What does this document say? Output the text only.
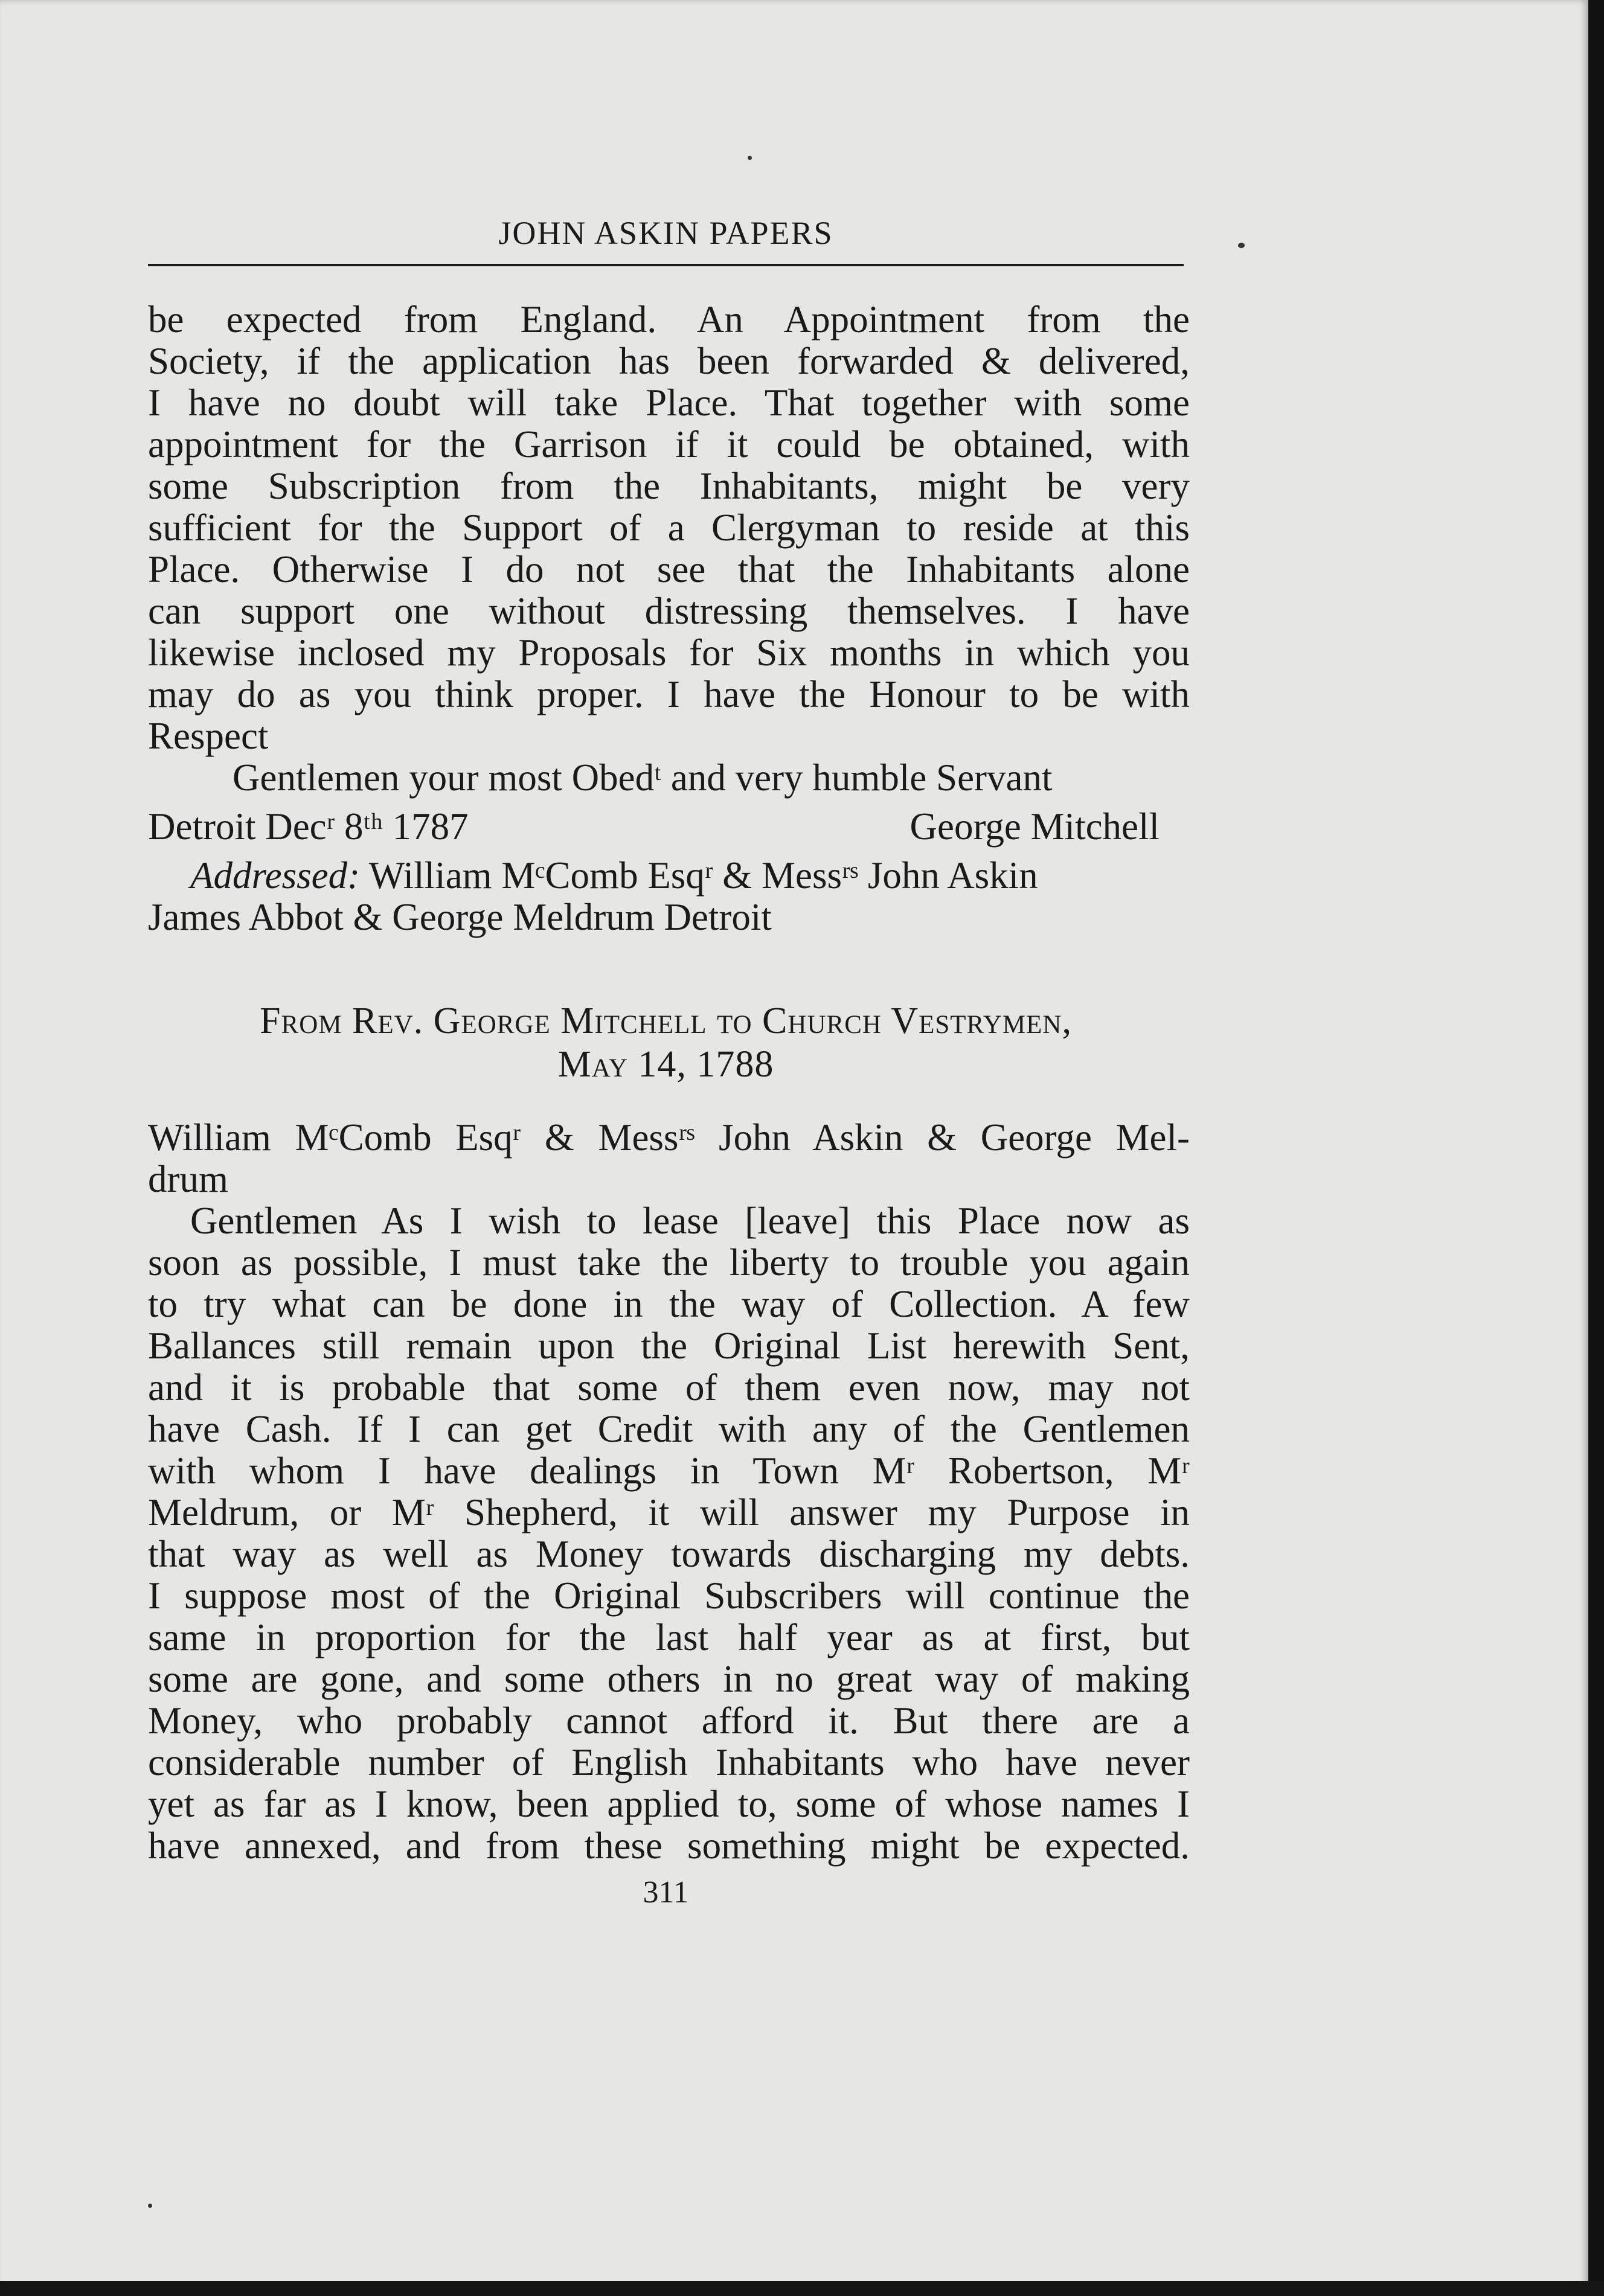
JOHN ASKIN PAPERS
be expected from England. An Appointment from the
Society, if the application has been forwarded & delivered,
I have no doubt will take Place. That together with some
appointment for the Garrison if it could be obtained, with
some Subscription from the Inhabitants, might be very
sufficient for the Support of a Clergyman to reside at this
Place. Otherwise I do not see that the Inhabitants alone
can support one without distressing themselves. I have
likewise inclosed my Proposals for Six months in which you
may do as you think proper. I have the Honour to be with
Respect
Gentlemen your most Obedᵗ and very humble Servant
Detroit Decʳ 8ᵗʰ 1787	George Mitchell
Addressed: William MᶜComb Esqʳ & Messʳˢ John Askin
James Abbot & George Meldrum Detroit
From Rev. George Mitchell to Church Vestrymen,
May 14, 1788
William MᶜComb Esqʳ & Messʳˢ John Askin & George Mel-
drum
Gentlemen As I wish to lease [leave] this Place now as
soon as possible, I must take the liberty to trouble you again
to try what can be done in the way of Collection. A few
Ballances still remain upon the Original List herewith Sent,
and it is probable that some of them even now, may not
have Cash. If I can get Credit with any of the Gentlemen
with whom I have dealings in Town Mʳ Robertson, Mʳ
Meldrum, or Mʳ Shepherd, it will answer my Purpose in
that way as well as Money towards discharging my debts.
I suppose most of the Original Subscribers will continue the
same in proportion for the last half year as at first, but
some are gone, and some others in no great way of making
Money, who probably cannot afford it. But there are a
considerable number of English Inhabitants who have never
yet as far as I know, been applied to, some of whose names I
have annexed, and from these something might be expected.
311
